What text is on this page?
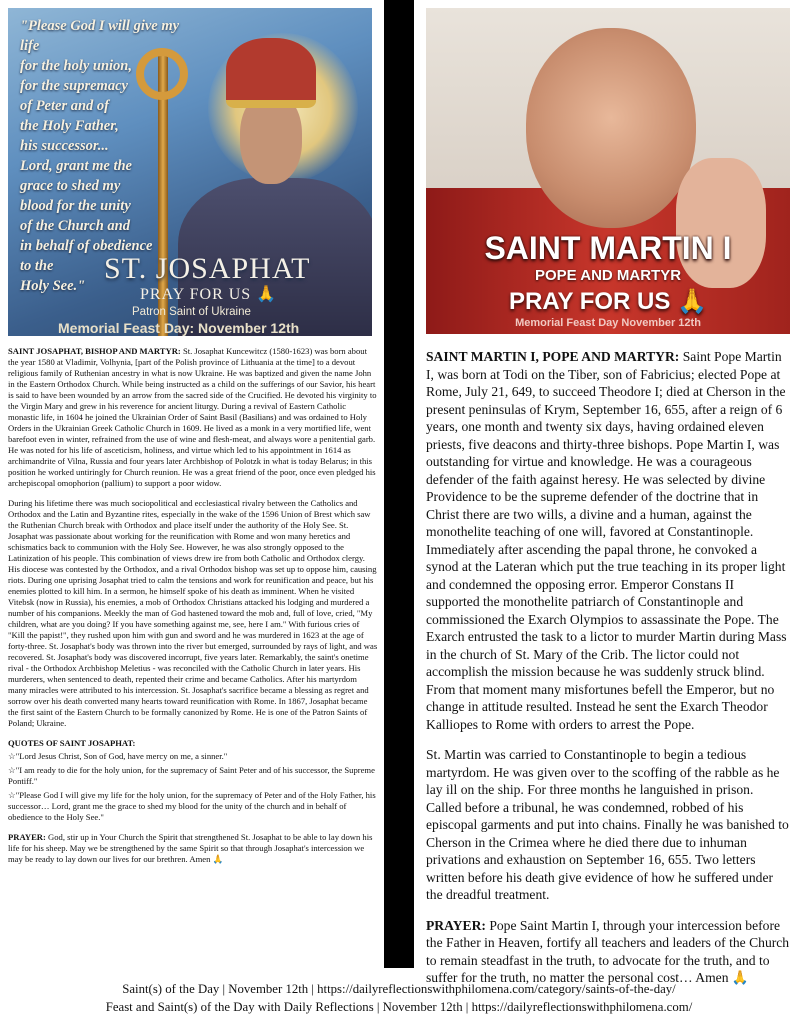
"Please God I will give my life
for the holy union,
for the supremacy
of Peter and of
the Holy Father,
his successor...
Lord, grant me the
grace to shed my
blood for the unity
of the Church and
in behalf of obedience
to the
Holy See."
ST. JOSAPHAT
PRAY FOR US 🙏
Patron Saint of Ukraine
Memorial Feast Day: November 12th

SAINT JOSAPHAT, BISHOP AND MARTYR: St. Josaphat Kuncewitcz (1580-1623) was born about the year 1580 at Vladimir, Volhynia, [part of the Polish province of Lithuania at the time] to a devout religious family of Ruthenian ancestry in what is now Ukraine. He was baptized and given the name John in the Eastern Orthodox Church. While being instructed as a child on the sufferings of our Savior, his heart is said to have been wounded by an arrow from the sacred side of the Crucified. He devoted his virginity to the Virgin Mary and grew in his reverence for ancient liturgy. During a revival of Eastern Catholic monastic life, in 1604 he joined the Ukrainian Order of Saint Basil (Basilians) and was ordained to Holy Orders in the Ukrainian Greek Catholic Church in 1609. He lived as a monk in a very mortified life, went barefoot even in winter, refrained from the use of wine and flesh-meat, and always wore a penitential garb. He was noted for his life of asceticism, holiness, and virtue which led to his appointment in 1614 as archimandrite of Vilna, Russia and four years later Archbishop of Polotzk in what is today Belarus; in this position he worked untiringly for Church reunion. He was a great friend of the poor, once even pledged his archepiscopal omophorion (pallium) to support a poor widow.

During his lifetime there was much sociopolitical and ecclesiastical rivalry between the Catholics and Orthodox and the Latin and Byzantine rites, especially in the wake of the 1596 Union of Brest which saw the Ruthenian Church break with Orthodox and place itself under the authority of the Holy See. St. Josaphat was passionate about working for the reunification with Rome and won many heretics and schismatics back to communion with the Holy See. However, he was also strongly opposed to the Latinization of his people. This combination of views drew ire from both Catholic and Orthodox clergy. His diocese was contested by the Orthodox, and a rival Orthodox bishop was set up to oppose him, causing riots. During one uprising Josaphat tried to calm the tensions and work for reunification and peace, but his enemies plotted to kill him. In a sermon, he himself spoke of his death as imminent. When he visited Vitebsk (now in Russia), his enemies, a mob of Orthodox Christians attacked his lodging and murdered a number of his companions. Meekly the man of God hastened toward the mob and, full of love, cried, "My children, what are you doing? If you have something against me, see, here I am." With furious cries of "Kill the papist!", they rushed upon him with gun and sword and he was murdered in 1623 at the age of forty-three. St. Josaphat's body was thrown into the river but emerged, surrounded by rays of light, and was recovered. St. Josaphat's body was discovered incorrupt, five years later. Remarkably, the saint's onetime rival - the Orthodox Archbishop Meletius - was reconciled with the Catholic Church in later years. His murderers, when sentenced to death, repented their crime and became Catholics. After his martyrdom many miracles were attributed to his intercession. St. Josaphat's sacrifice became a blessing as regret and sorrow over his death converted many hearts toward reunification with Rome. In 1867, Josaphat became the first saint of the Eastern Church to be formally canonized by Rome. He is one of the Patron Saints of Poland; Ukraine.

QUOTES OF SAINT JOSAPHAT:
☆"Lord Jesus Christ, Son of God, have mercy on me, a sinner."
☆"I am ready to die for the holy union, for the supremacy of Saint Peter and of his successor, the Supreme Pontiff."
☆"Please God I will give my life for the holy union, for the supremacy of Peter and of the Holy Father, his successor… Lord, grant me the grace to shed my blood for the unity of the church and in behalf of obedience to the Holy See."

PRAYER: God, stir up in Your Church the Spirit that strengthened St. Josaphat to be able to lay down his life for his sheep. May we be strengthened by the same Spirit so that through Josaphat's intercession we may be ready to lay down our lives for our brethren. Amen 🙏

SAINT MARTIN I
POPE AND MARTYR
PRAY FOR US 🙏
Memorial Feast Day November 12th

SAINT MARTIN I, POPE AND MARTYR: Saint Pope Martin I, was born at Todi on the Tiber, son of Fabricius; elected Pope at Rome, July 21, 649, to succeed Theodore I; died at Cherson in the present peninsulas of Krym, September 16, 655, after a reign of 6 years, one month and twenty six days, having ordained eleven priests, five deacons and thirty-three bishops. Pope Martin I, was outstanding for virtue and knowledge. He was a courageous defender of the faith against heresy. He was selected by divine Providence to be the supreme defender of the doctrine that in Christ there are two wills, a divine and a human, against the monothelite teaching of one will, favored at Constantinople. Immediately after ascending the papal throne, he convoked a synod at the Lateran which put the true teaching in its proper light and condemned the opposing error. Emperor Constans II supported the monothelite patriarch of Constantinople and commissioned the Exarch Olympios to assassinate the Pope. The Exarch entrusted the task to a lictor to murder Martin during Mass in the church of St. Mary of the Crib. The lictor could not accomplish the mission because he was suddenly struck blind. From that moment many misfortunes befell the Emperor, but no change in attitude resulted. Instead he sent the Exarch Theodor Kalliopes to Rome with orders to arrest the Pope.

St. Martin was carried to Constantinople to begin a tedious martyrdom. He was given over to the scoffing of the rabble as he lay ill on the ship. For three months he languished in prison. Called before a tribunal, he was condemned, robbed of his episcopal garments and put into chains. Finally he was banished to Cherson in the Crimea where he died there due to inhuman privations and exhaustion on September 16, 655. Two letters written before his death give evidence of how he suffered under the dreadful treatment.

PRAYER: Pope Saint Martin I, through your intercession before the Father in Heaven, fortify all teachers and leaders of the Church to remain steadfast in the truth, to advocate for the truth, and to suffer for the truth, no matter the personal cost… Amen 🙏

Saint(s) of the Day | November 12th | https://dailyreflectionswithphilomena.com/category/saints-of-the-day/
Feast and Saint(s) of the Day with Daily Reflections | November 12th | https://dailyreflectionswithphilomena.com/
